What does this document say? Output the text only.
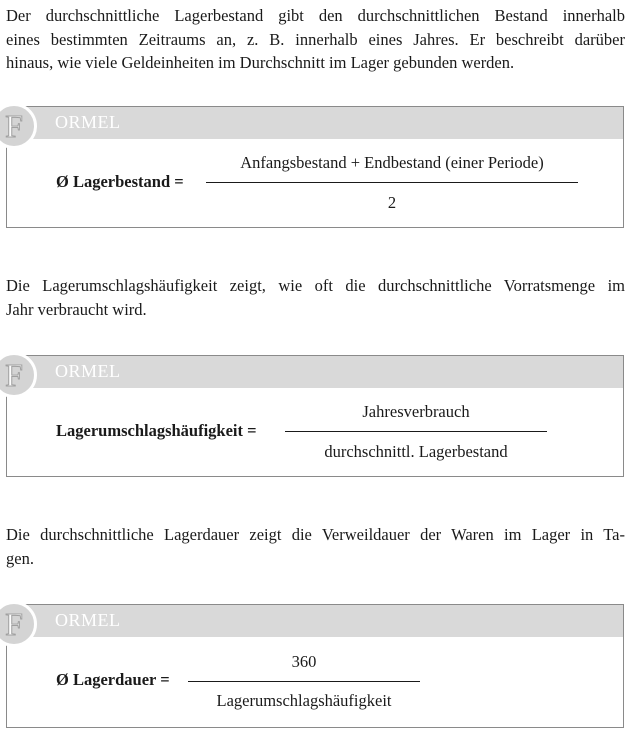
Der durchschnittliche Lagerbestand gibt den durchschnittlichen Bestand innerhalb
eines bestimmten Zeitraums an, z. B. innerhalb eines Jahres. Er beschreibt darüber
hinaus, wie viele Geldeinheiten im Durchschnitt im Lager gebunden werden.
F	ORMEL
Ø Lagerbestand =
Anfangsbestand + Endbestand (einer Periode)
2
Die Lagerumschlagshäufigkeit zeigt, wie oft die durchschnittliche Vorratsmenge im
Jahr verbraucht wird.
F	ORMEL
Lagerumschlagshäufigkeit =
Jahresverbrauch
durchschnittl. Lagerbestand
Die durchschnittliche Lagerdauer zeigt die Verweildauer der Waren im Lager in Ta-
gen.
F	ORMEL
Ø Lagerdauer =
360
Lagerumschlagshäufigkeit
